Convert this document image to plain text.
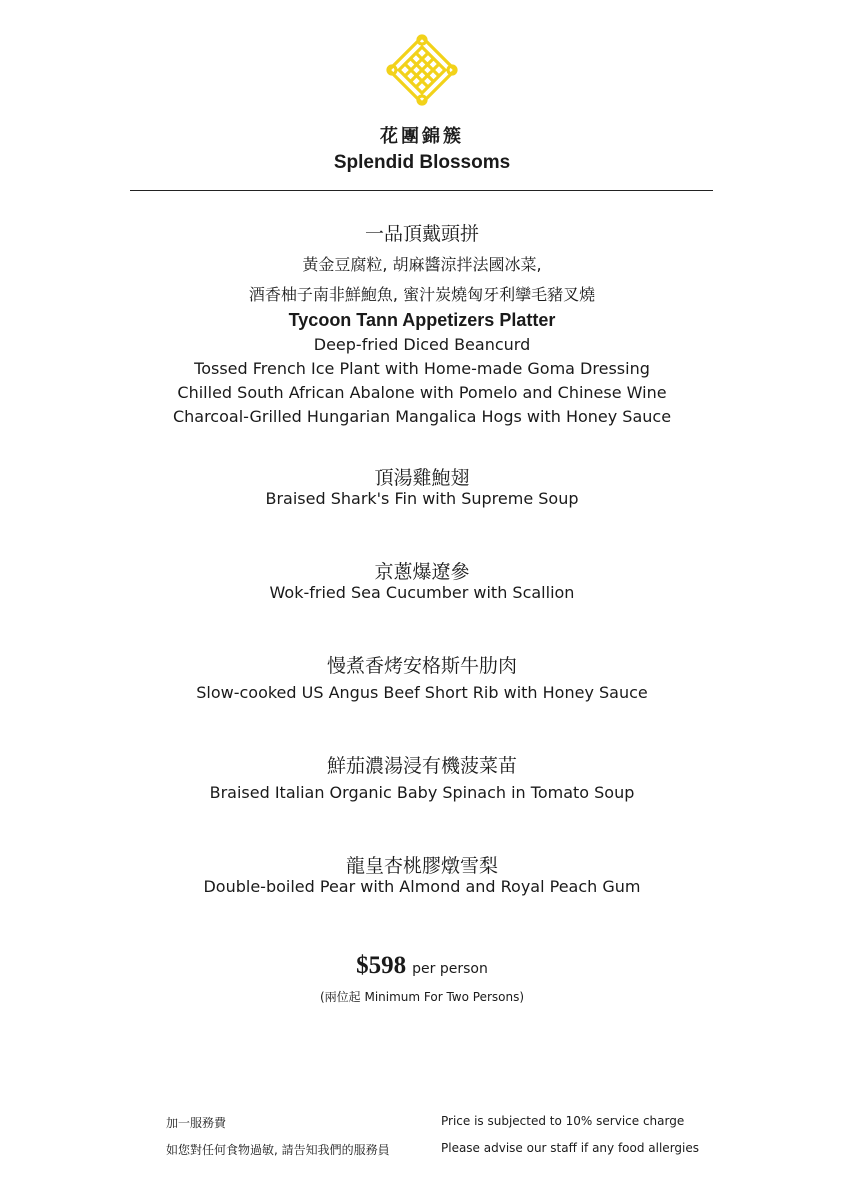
花團錦簇
Splendid Blossoms
一品頂戴頭拼
黃金豆腐粒, 胡麻醬涼拌法國冰菜,
酒香柚子南非鮮鮑魚, 蜜汁炭燒匈牙利攣毛豬叉燒
Tycoon Tann Appetizers Platter
Deep-fried Diced Beancurd
Tossed French Ice Plant with Home-made Goma Dressing
Chilled South African Abalone with Pomelo and Chinese Wine
Charcoal-Grilled Hungarian Mangalica Hogs with Honey Sauce
頂湯雞鮑翅
Braised Shark's Fin with Supreme Soup
京蔥爆遼參
Wok-fried Sea Cucumber with Scallion
慢煮香烤安格斯牛肋肉
Slow-cooked US Angus Beef Short Rib with Honey Sauce
鮮茄濃湯浸有機菠菜苗
Braised Italian Organic Baby Spinach in Tomato Soup
龍皇杏桃膠燉雪梨
Double-boiled Pear with Almond and Royal Peach Gum
$598 per person
(兩位起 Minimum For Two Persons)
加一服務費	Price is subjected to 10% service charge
如您對任何食物過敏, 請告知我們的服務員	Please advise our staff if any food allergies
